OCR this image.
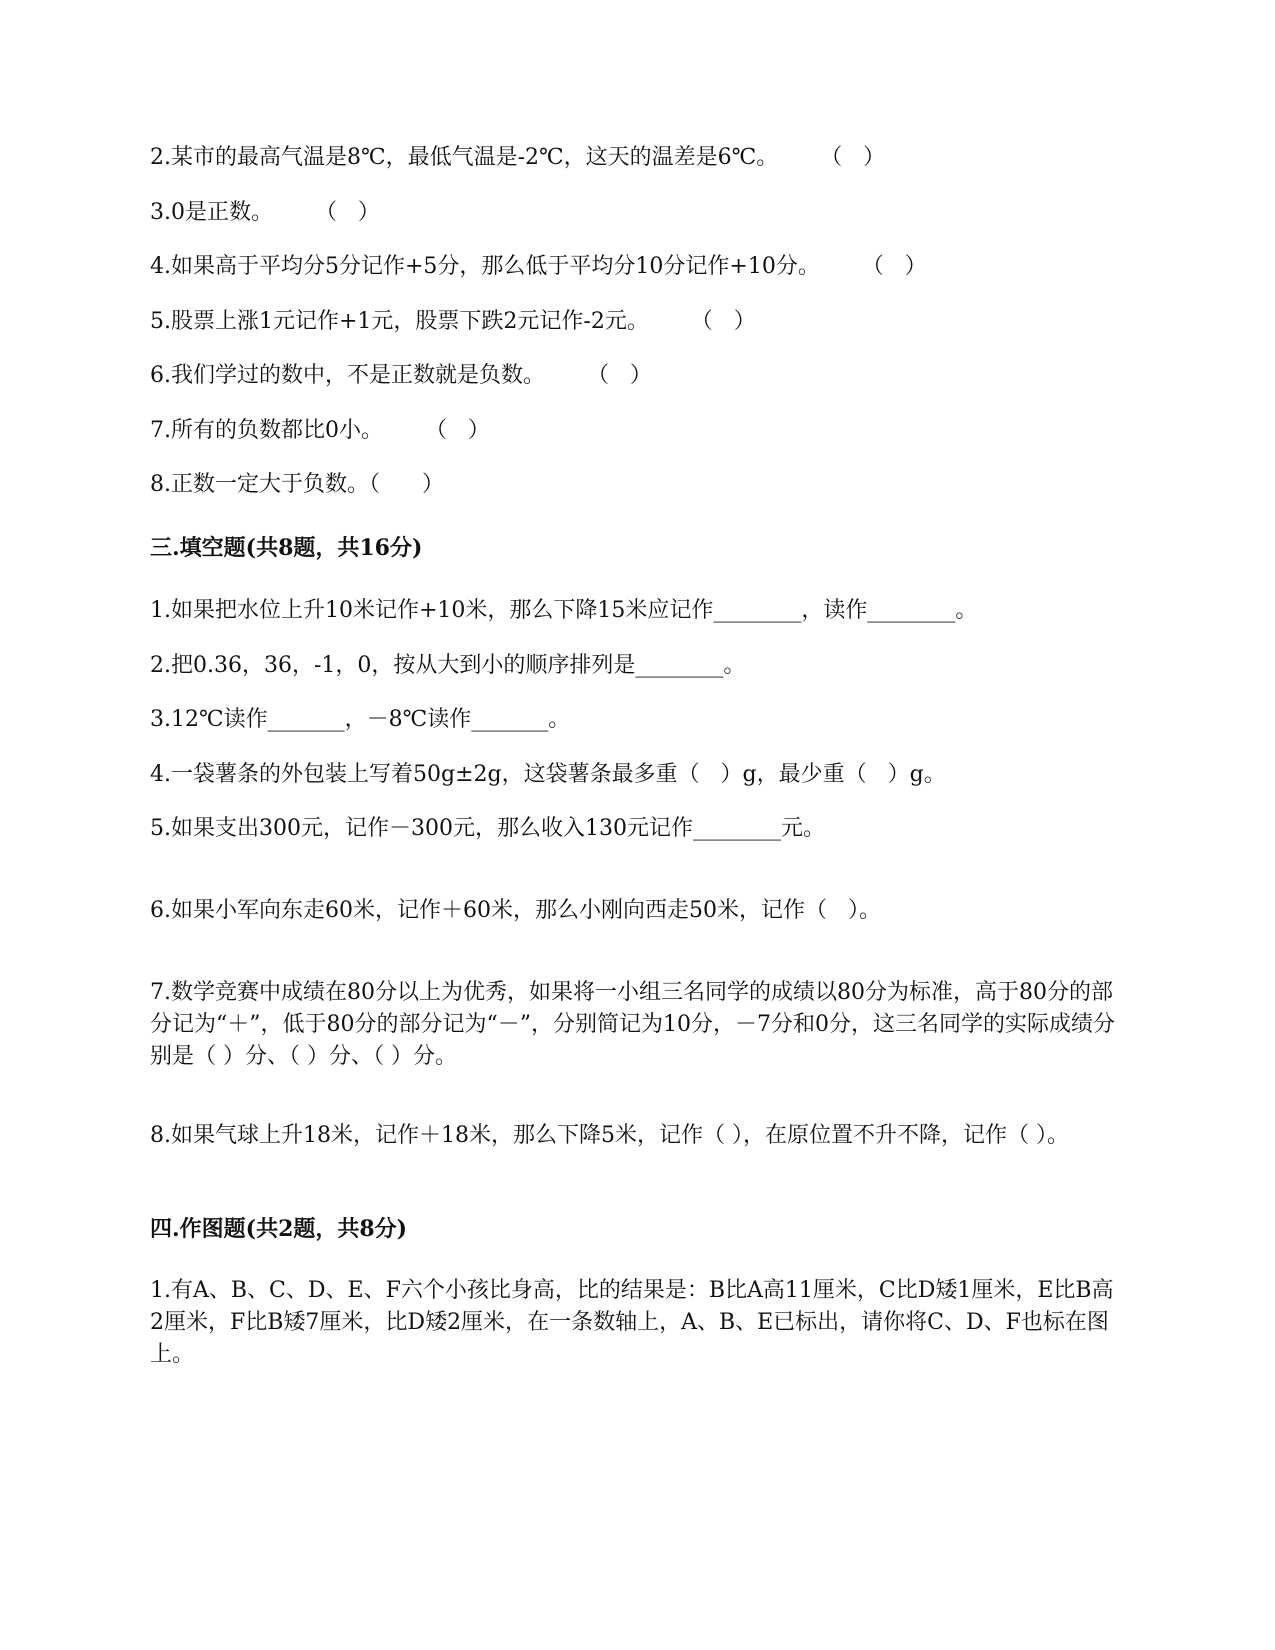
2.某市的最高气温是8℃，最低气温是-2℃，这天的温差是6℃。      （   ）
3.0是正数。      （   ）
4.如果高于平均分5分记作+5分，那么低于平均分10分记作+10分。      （   ）
5.股票上涨1元记作+1元，股票下跌2元记作-2元。      （   ）
6.我们学过的数中，不是正数就是负数。      （   ）
7.所有的负数都比0小。      （   ）
8.正数一定大于负数。（      ）
三.填空题(共8题，共16分)
1.如果把水位上升10米记作+10米，那么下降15米应记作________，读作________。
2.把0.36，36，-1，0，按从大到小的顺序排列是________。
3.12℃读作_______，－8℃读作_______。
4.一袋薯条的外包装上写着50g±2g，这袋薯条最多重（   ）g，最少重（   ）g。
5.如果支出300元，记作－300元，那么收入130元记作________元。
6.如果小军向东走60米，记作＋60米，那么小刚向西走50米，记作（   ）。
7.数学竞赛中成绩在80分以上为优秀，如果将一小组三名同学的成绩以80分为标准，高于80分的部分记为“＋”，低于80分的部分记为“－”，分别简记为10分，－7分和0分，这三名同学的实际成绩分别是（ ）分、（ ）分、（ ）分。
8.如果气球上升18米，记作＋18米，那么下降5米，记作（ ），在原位置不升不降，记作（ ）。
四.作图题(共2题，共8分)
1.有A、B、C、D、E、F六个小孩比身高，比的结果是：B比A高11厘米，C比D矮1厘米，E比B高2厘米，F比B矮7厘米，比D矮2厘米，在一条数轴上，A、B、E已标出，请你将C、D、F也标在图上。
